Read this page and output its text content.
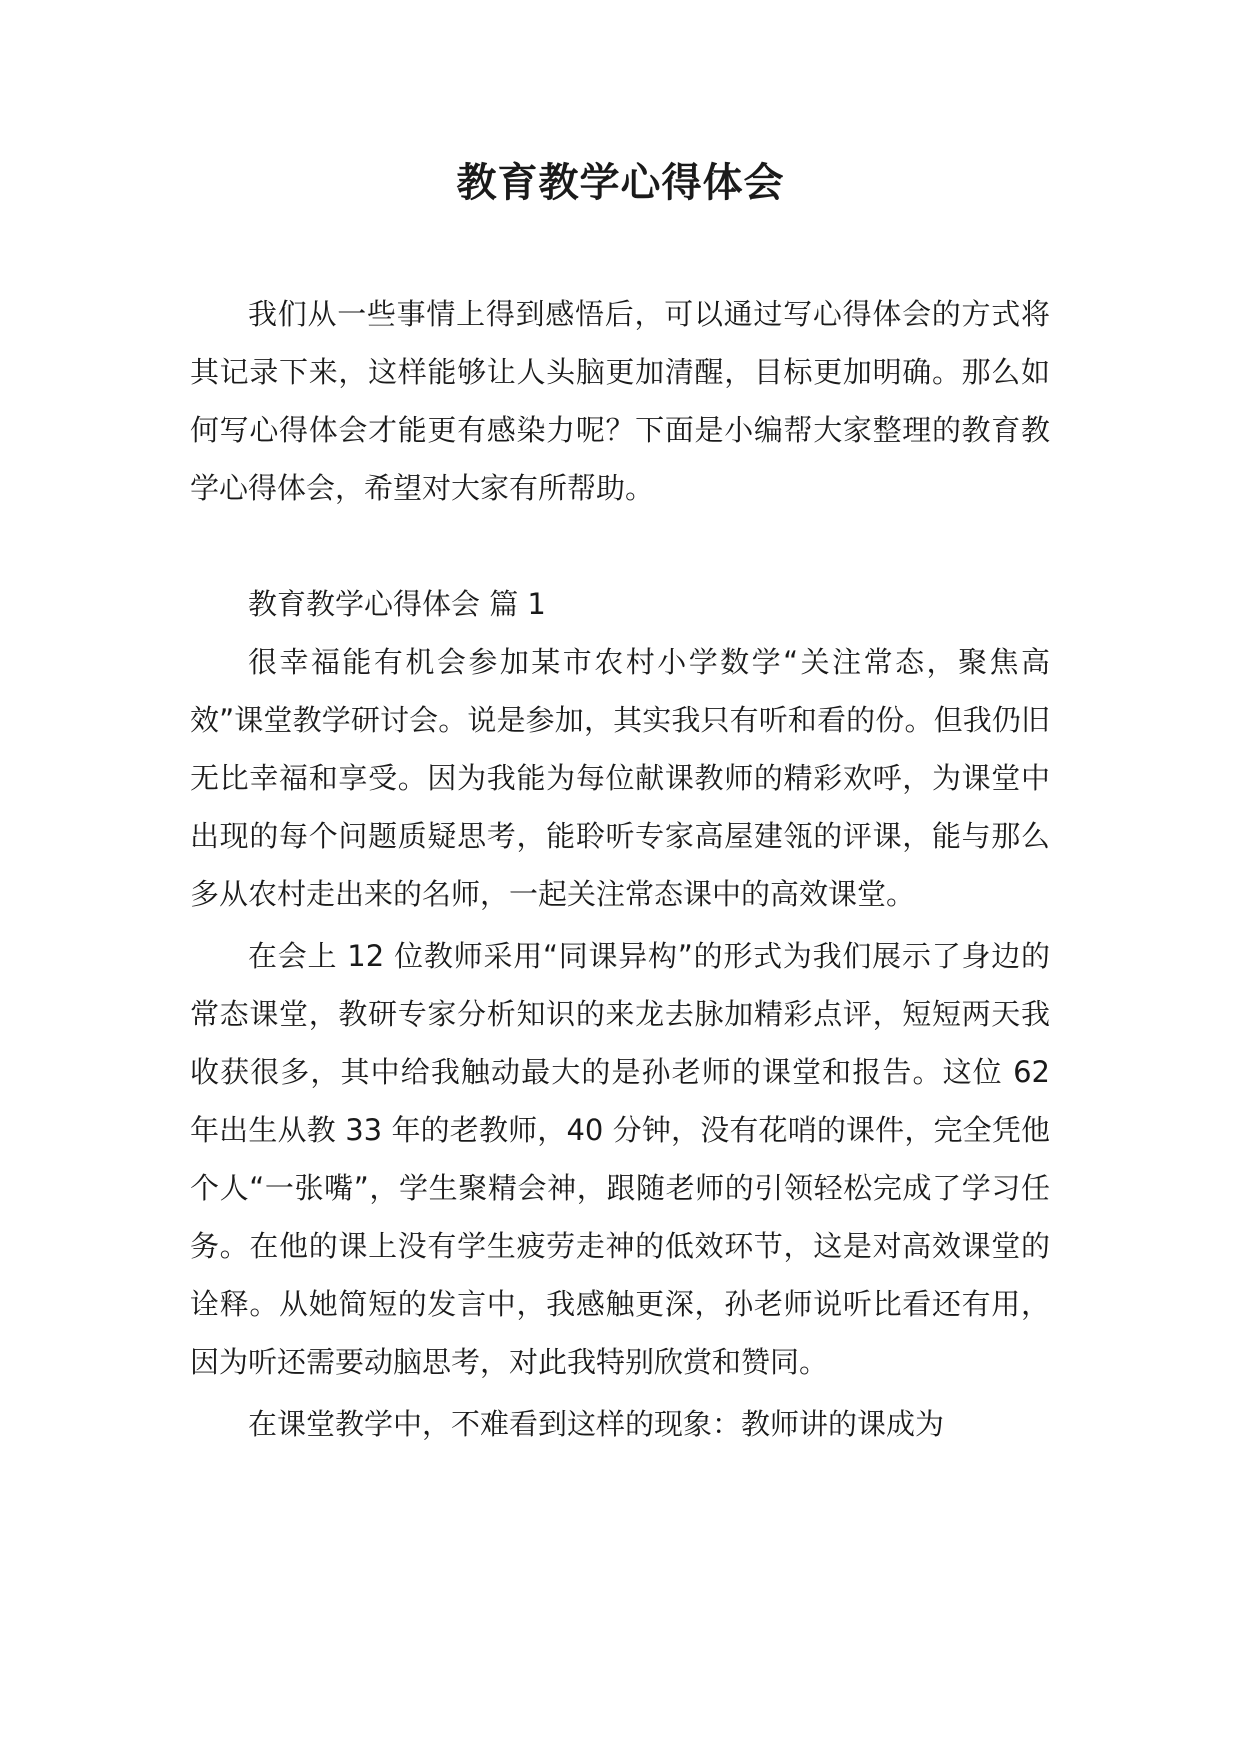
教育教学心得体会

我们从一些事情上得到感悟后，可以通过写心得体会的方式将其记录下来，这样能够让人头脑更加清醒，目标更加明确。那么如何写心得体会才能更有感染力呢？下面是小编帮大家整理的教育教学心得体会，希望对大家有所帮助。

教育教学心得体会 篇 1

很幸福能有机会参加某市农村小学数学“关注常态，聚焦高效”课堂教学研讨会。说是参加，其实我只有听和看的份。但我仍旧无比幸福和享受。因为我能为每位献课教师的精彩欢呼，为课堂中出现的每个问题质疑思考，能聆听专家高屋建瓴的评课，能与那么多从农村走出来的名师，一起关注常态课中的高效课堂。

在会上 12 位教师采用“同课异构”的形式为我们展示了身边的常态课堂，教研专家分析知识的来龙去脉加精彩点评，短短两天我收获很多，其中给我触动最大的是孙老师的课堂和报告。这位 62 年出生从教 33 年的老教师，40 分钟，没有花哨的课件，完全凭他个人“一张嘴”，学生聚精会神，跟随老师的引领轻松完成了学习任务。在他的课上没有学生疲劳走神的低效环节，这是对高效课堂的诠释。从她简短的发言中，我感触更深，孙老师说听比看还有用，因为听还需要动脑思考，对此我特别欣赏和赞同。

在课堂教学中，不难看到这样的现象：教师讲的课成为
